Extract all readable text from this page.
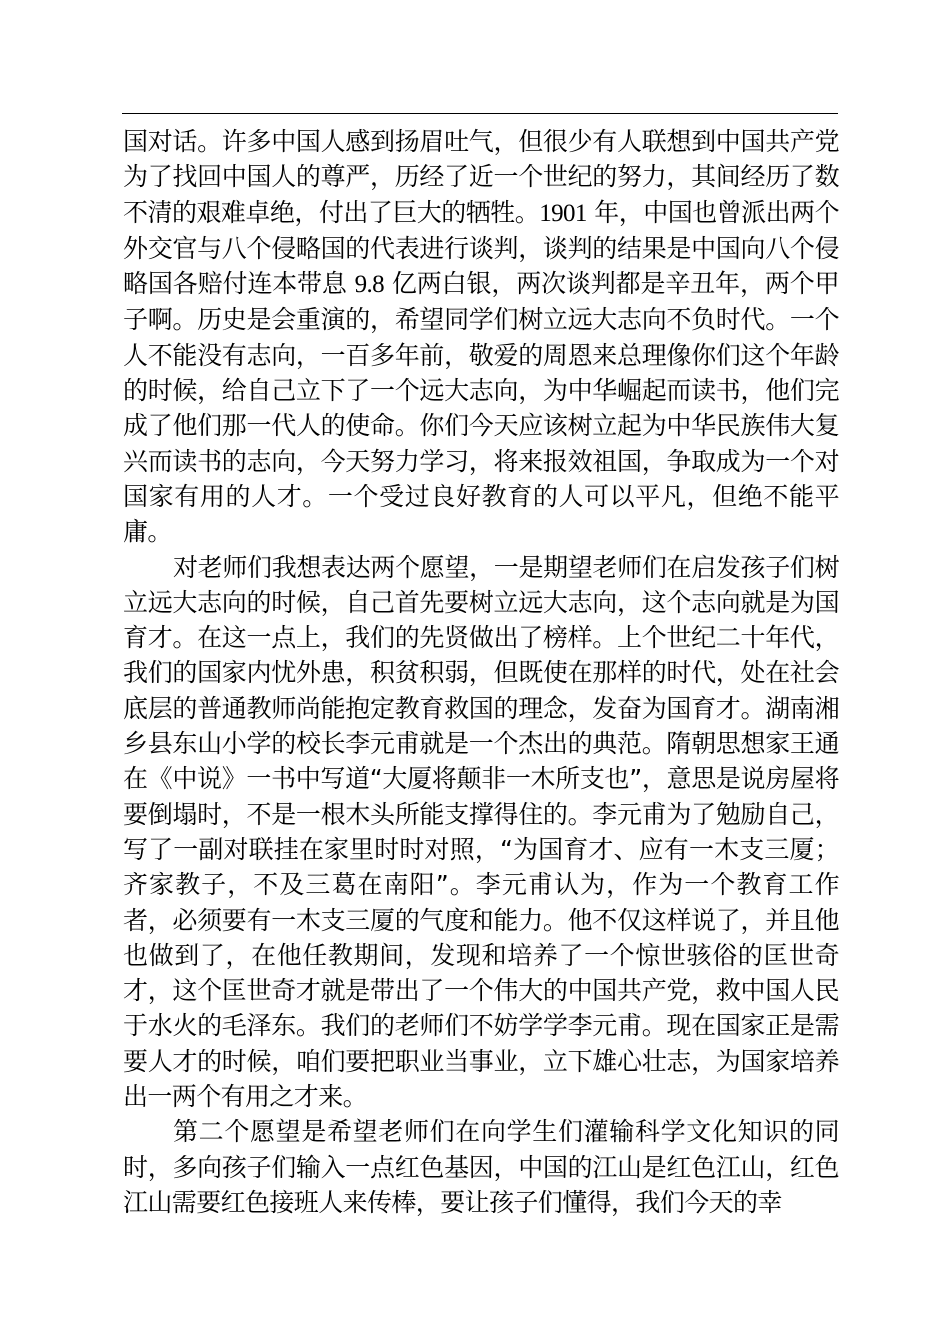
国对话。许多中国人感到扬眉吐气，但很少有人联想到中国共产党为了找回中国人的尊严，历经了近一个世纪的努力，其间经历了数不清的艰难卓绝，付出了巨大的牺牲。1901 年，中国也曾派出两个外交官与八个侵略国的代表进行谈判，谈判的结果是中国向八个侵略国各赔付连本带息 9.8 亿两白银，两次谈判都是辛丑年，两个甲子啊。历史是会重演的，希望同学们树立远大志向不负时代。一个人不能没有志向，一百多年前，敬爱的周恩来总理像你们这个年龄的时候，给自己立下了一个远大志向，为中华崛起而读书，他们完成了他们那一代人的使命。你们今天应该树立起为中华民族伟大复兴而读书的志向，今天努力学习，将来报效祖国，争取成为一个对国家有用的人才。一个受过良好教育的人可以平凡，但绝不能平庸。

对老师们我想表达两个愿望，一是期望老师们在启发孩子们树立远大志向的时候，自己首先要树立远大志向，这个志向就是为国育才。在这一点上，我们的先贤做出了榜样。上个世纪二十年代，我们的国家内忧外患，积贫积弱，但既使在那样的时代，处在社会底层的普通教师尚能抱定教育救国的理念，发奋为国育才。湖南湘乡县东山小学的校长李元甫就是一个杰出的典范。隋朝思想家王通在《中说》一书中写道“大厦将颠非一木所支也”，意思是说房屋将要倒塌时，不是一根木头所能支撑得住的。李元甫为了勉励自己，写了一副对联挂在家里时时对照，“为国育才、应有一木支三厦；齐家教子，不及三葛在南阳”。李元甫认为，作为一个教育工作者，必须要有一木支三厦的气度和能力。他不仅这样说了，并且他也做到了，在他任教期间，发现和培养了一个惊世骇俗的匡世奇才，这个匡世奇才就是带出了一个伟大的中国共产党，救中国人民于水火的毛泽东。我们的老师们不妨学学李元甫。现在国家正是需要人才的时候，咱们要把职业当事业，立下雄心壮志，为国家培养出一两个有用之才来。

第二个愿望是希望老师们在向学生们灌输科学文化知识的同时，多向孩子们输入一点红色基因，中国的江山是红色江山，红色江山需要红色接班人来传棒，要让孩子们懂得，我们今天的幸
